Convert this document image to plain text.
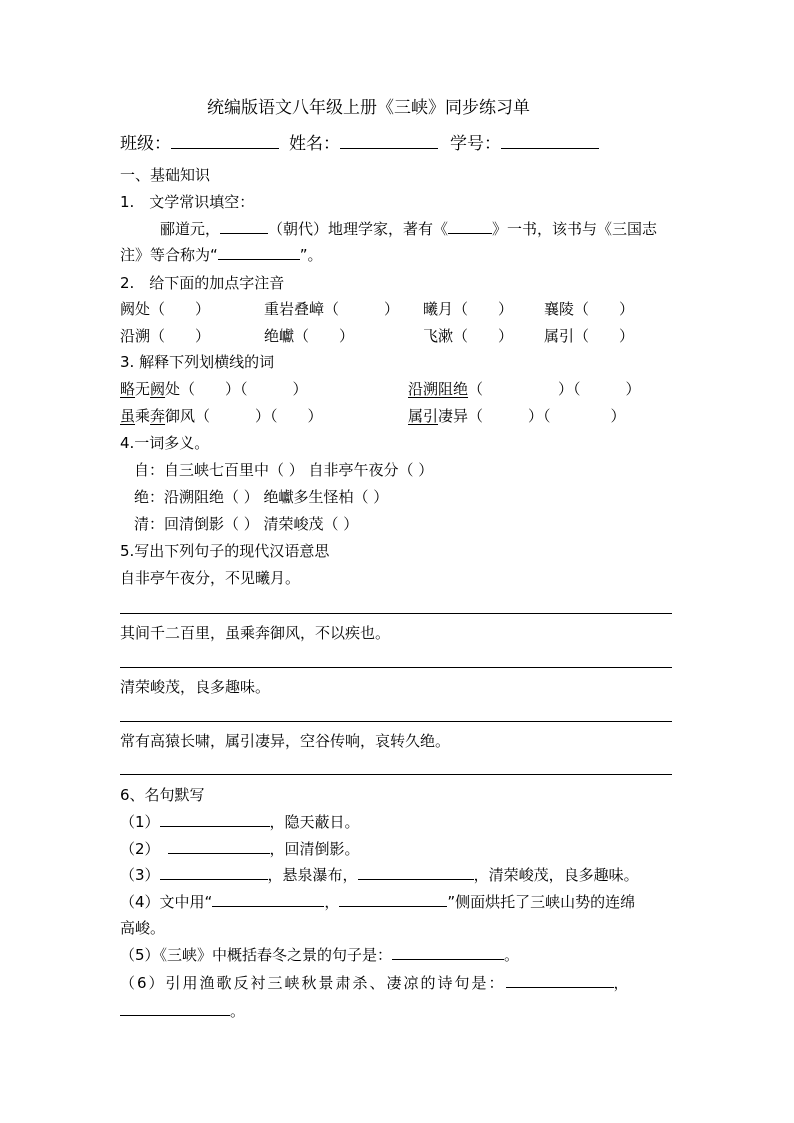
统编版语文八年级上册《三峡》同步练习单
班级：	姓名：	学号：
一、基础知识
1.　文学常识填空：
郦道元，	（朝代）地理学家，著有《	》一书，该书与《三国志
注》等合称为“	”。
2.　给下面的加点字注音
阙处（　　）	重岩叠嶂（　　　） 曦月（　　） 襄陵（　　）
沿溯（　　）	绝巘（　　）	飞漱（　　） 属引（　　）
3. 解释下列划横线的词
略无阙处（　　）（　　　）	沿溯阻绝（　　　　　）（　　　）
虽乘奔御风（　　　）（　　）	属引凄异（　　　）（　　　　）
4.一词多义。
自：自三峡七百里中（ ） 自非亭午夜分（ ）
绝：沿溯阻绝（ ） 绝巘多生怪柏（ ）
清：回清倒影（ ） 清荣峻茂（ ）
5.写出下列句子的现代汉语意思
自非亭午夜分，不见曦月。
其间千二百里，虽乘奔御风，不以疾也。
清荣峻茂，良多趣味。
常有高猿长啸，属引凄异，空谷传响，哀转久绝。
6、名句默写
（1）	，隐天蔽日。
（2）	，回清倒影。
（3）	，悬泉瀑布，	，清荣峻茂，良多趣味。
（4）文中用“	，	”侧面烘托了三峡山势的连绵
高峻。
（5）《三峡》中概括春冬之景的句子是：	。
（6）引用渔歌反衬三峡秋景肃杀、凄凉的诗句是：	，
。
